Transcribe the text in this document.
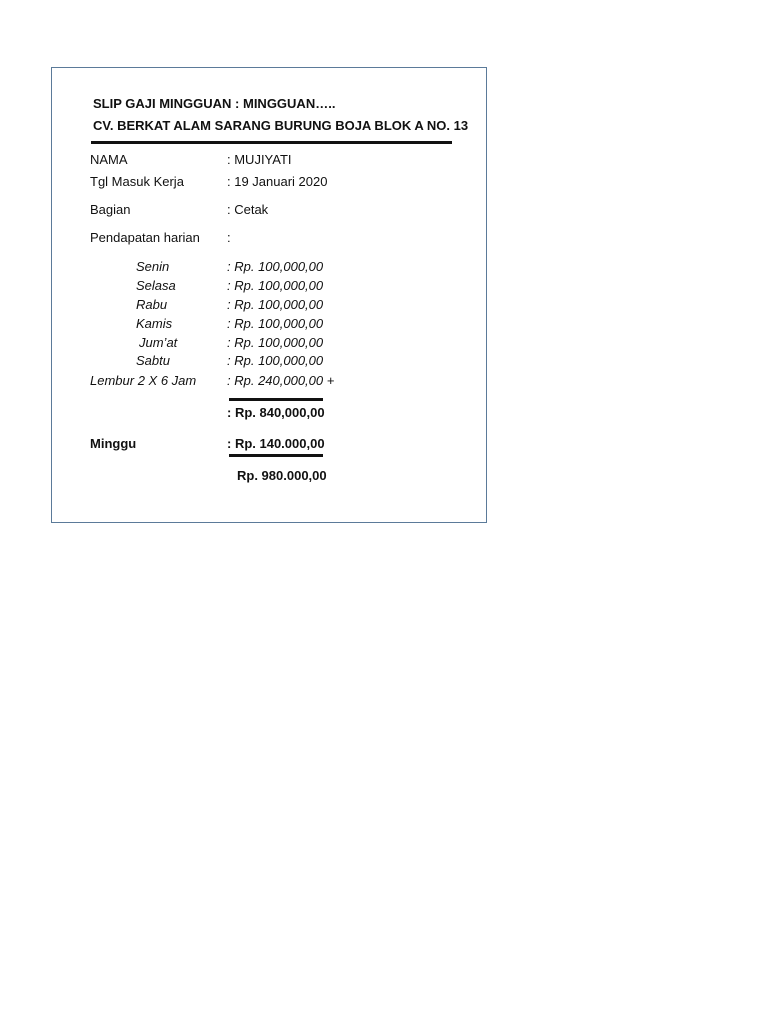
SLIP GAJI MINGGUAN : MINGGUAN…..
CV. BERKAT ALAM SARANG BURUNG BOJA BLOK A NO. 13
NAMA	: MUJIYATI
Tgl Masuk Kerja	: 19 Januari 2020
Bagian	: Cetak
Pendapatan harian :
Senin	: Rp. 100,000,00
Selasa	: Rp. 100,000,00
Rabu	: Rp. 100,000,00
Kamis	: Rp. 100,000,00
Jum’at	: Rp. 100,000,00
Sabtu	: Rp. 100,000,00
Lembur 2 X 6 Jam : Rp. 240,000,00 +
: Rp. 840,000,00
Minggu	: Rp. 140.000,00
Rp. 980.000,00
